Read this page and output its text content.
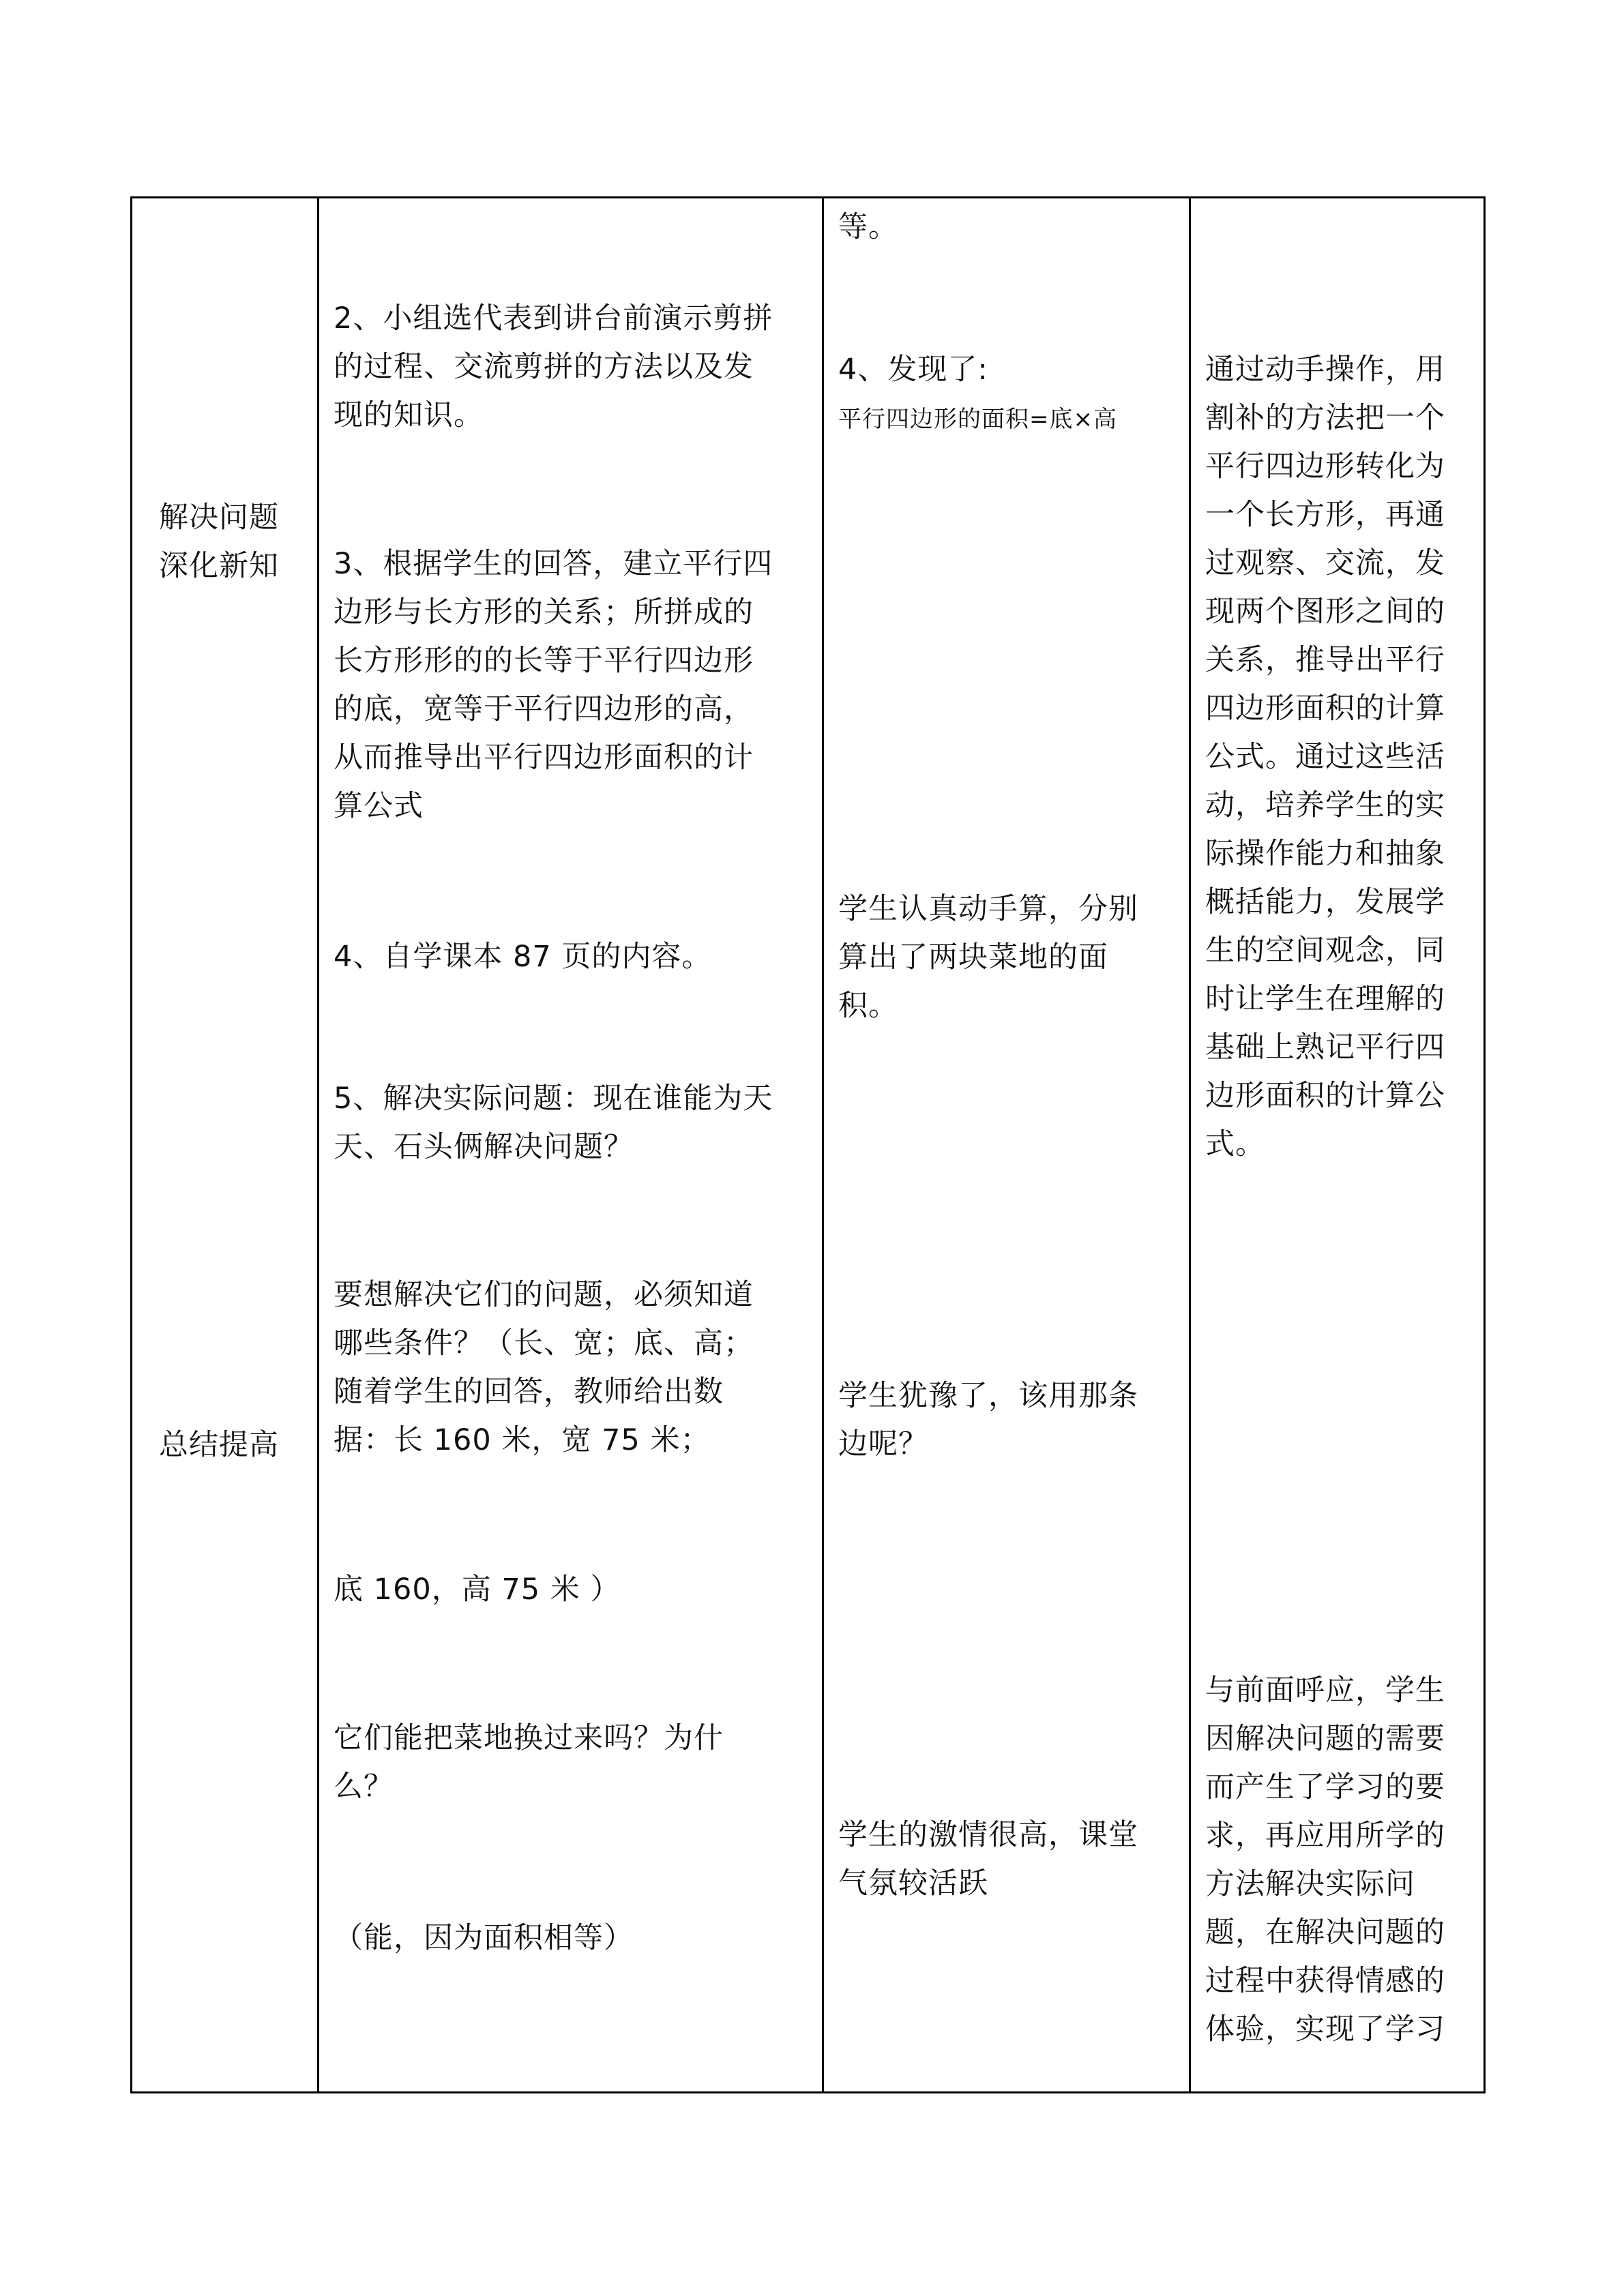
解决问题
深化新知
总结提高
2、小组选代表到讲台前演示剪拼
的过程、交流剪拼的方法以及发
现的知识。
3、根据学生的回答，建立平行四
边形与长方形的关系；所拼成的
长方形形的的长等于平行四边形
的底，宽等于平行四边形的高，
从而推导出平行四边形面积的计
算公式
4、自学课本 87 页的内容。
5、解决实际问题：现在谁能为天
天、石头俩解决问题？
要想解决它们的问题，必须知道
哪些条件？（长、宽；底、高；
随着学生的回答，教师给出数
据：长 160 米，宽 75 米；
底 160，高 75 米 ）
它们能把菜地换过来吗？为什
么？
（能，因为面积相等）
等。
4、发现了:
平行四边形的面积=底×高
学生认真动手算，分别
算出了两块菜地的面
积。
学生犹豫了，该用那条
边呢？
学生的激情很高，课堂
气氛较活跃
通过动手操作，用
割补的方法把一个
平行四边形转化为
一个长方形，再通
过观察、交流，发
现两个图形之间的
关系，推导出平行
四边形面积的计算
公式。通过这些活
动，培养学生的实
际操作能力和抽象
概括能力，发展学
生的空间观念，同
时让学生在理解的
基础上熟记平行四
边形面积的计算公
式。
与前面呼应，学生
因解决问题的需要
而产生了学习的要
求，再应用所学的
方法解决实际问
题，在解决问题的
过程中获得情感的
体验，实现了学习
